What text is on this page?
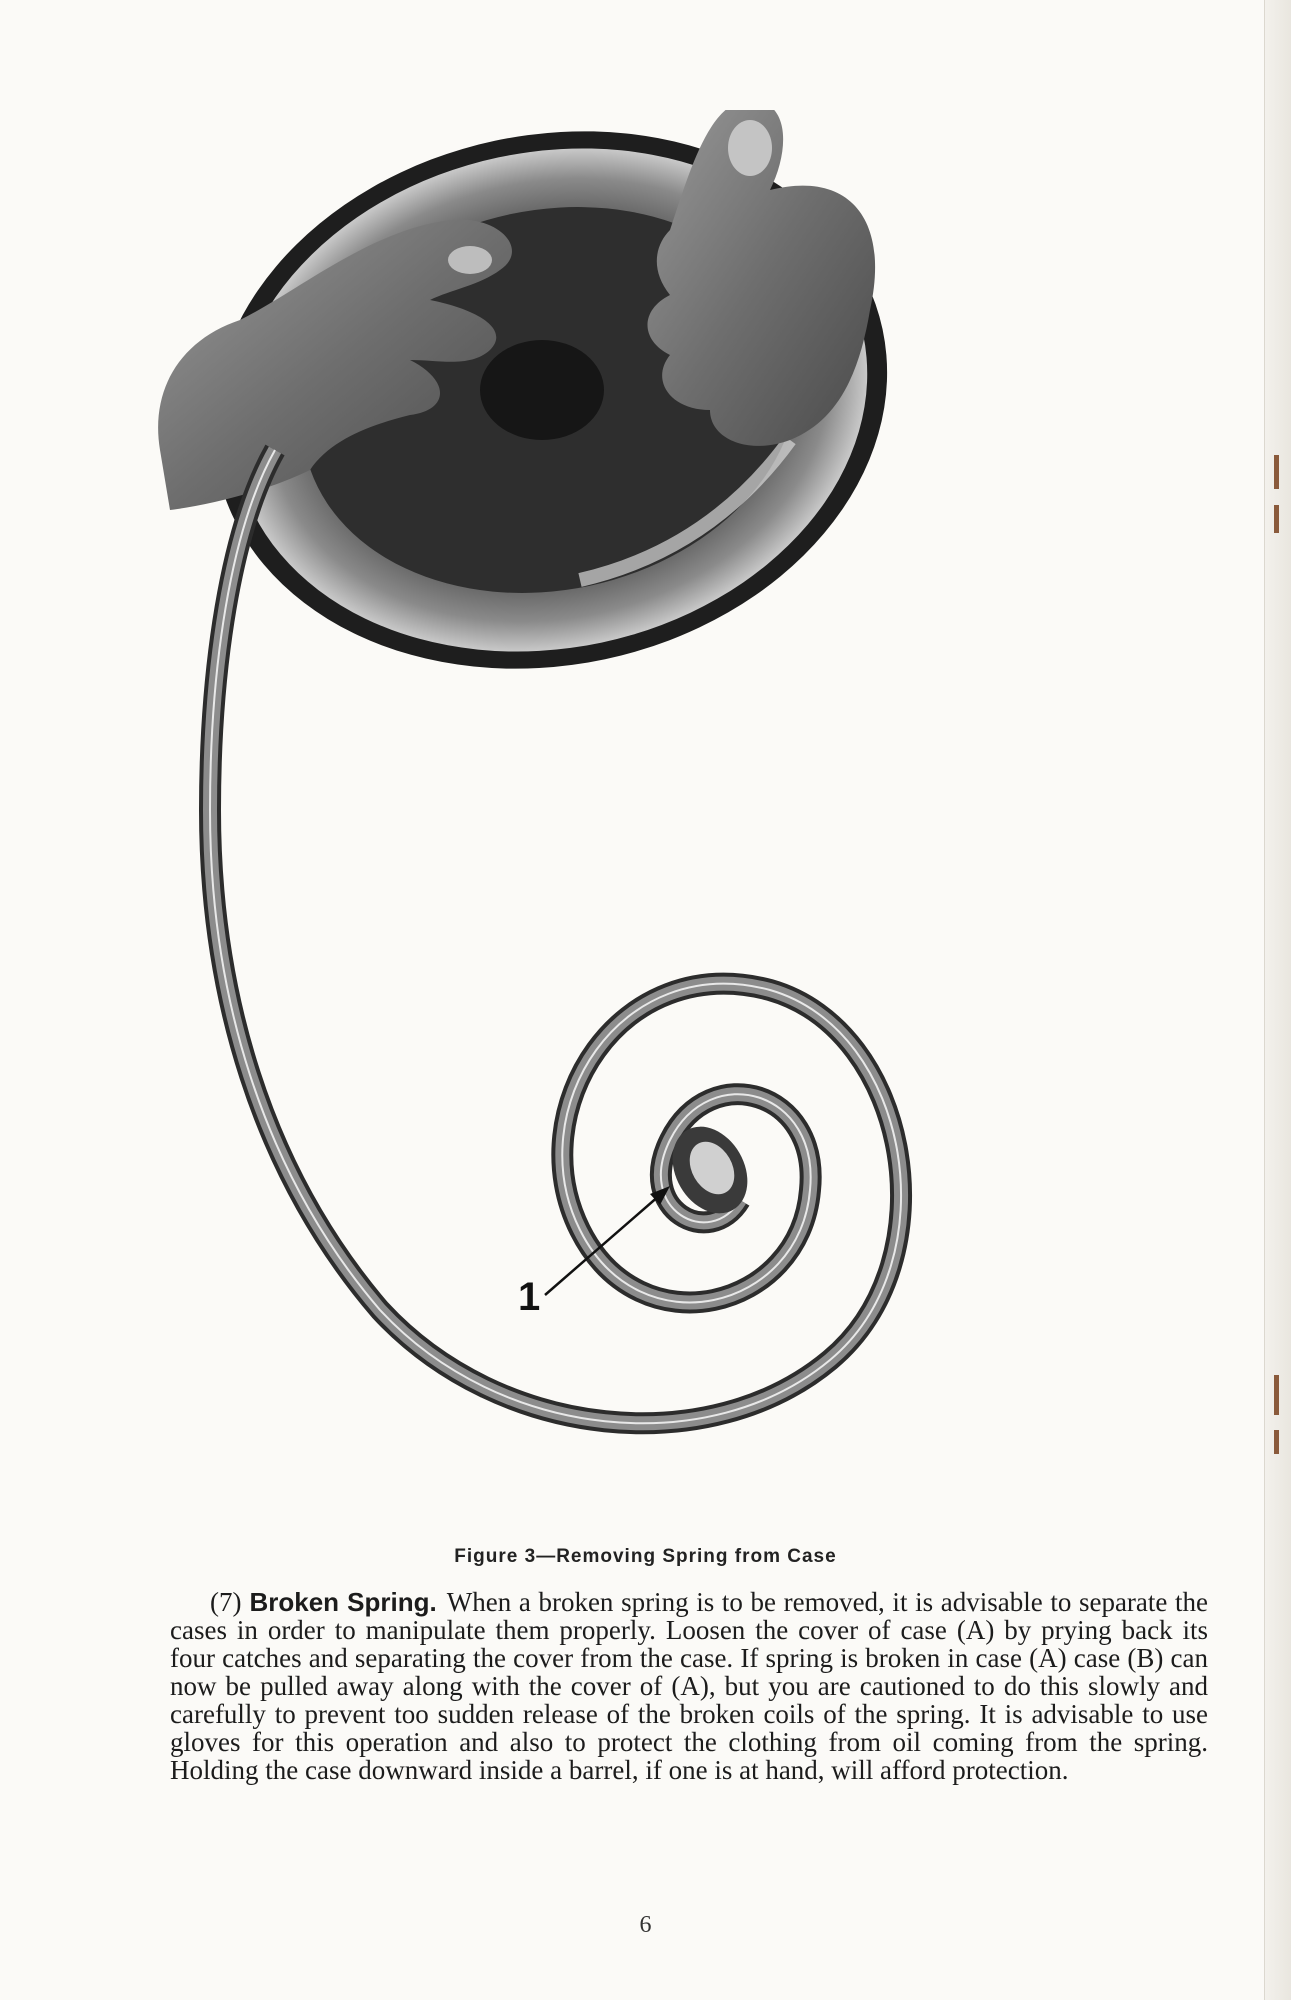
1
Figure 3—Removing Spring from Case
(7) Broken Spring. When a broken spring is to be removed, it is advisable to separate the cases in order to manipulate them properly. Loosen the cover of case (A) by prying back its four catches and separating the cover from the case. If spring is broken in case (A) case (B) can now be pulled away along with the cover of (A), but you are cautioned to do this slowly and carefully to prevent too sudden release of the broken coils of the spring. It is advisable to use gloves for this operation and also to protect the clothing from oil coming from the spring. Holding the case downward inside a barrel, if one is at hand, will afford protection.
6
